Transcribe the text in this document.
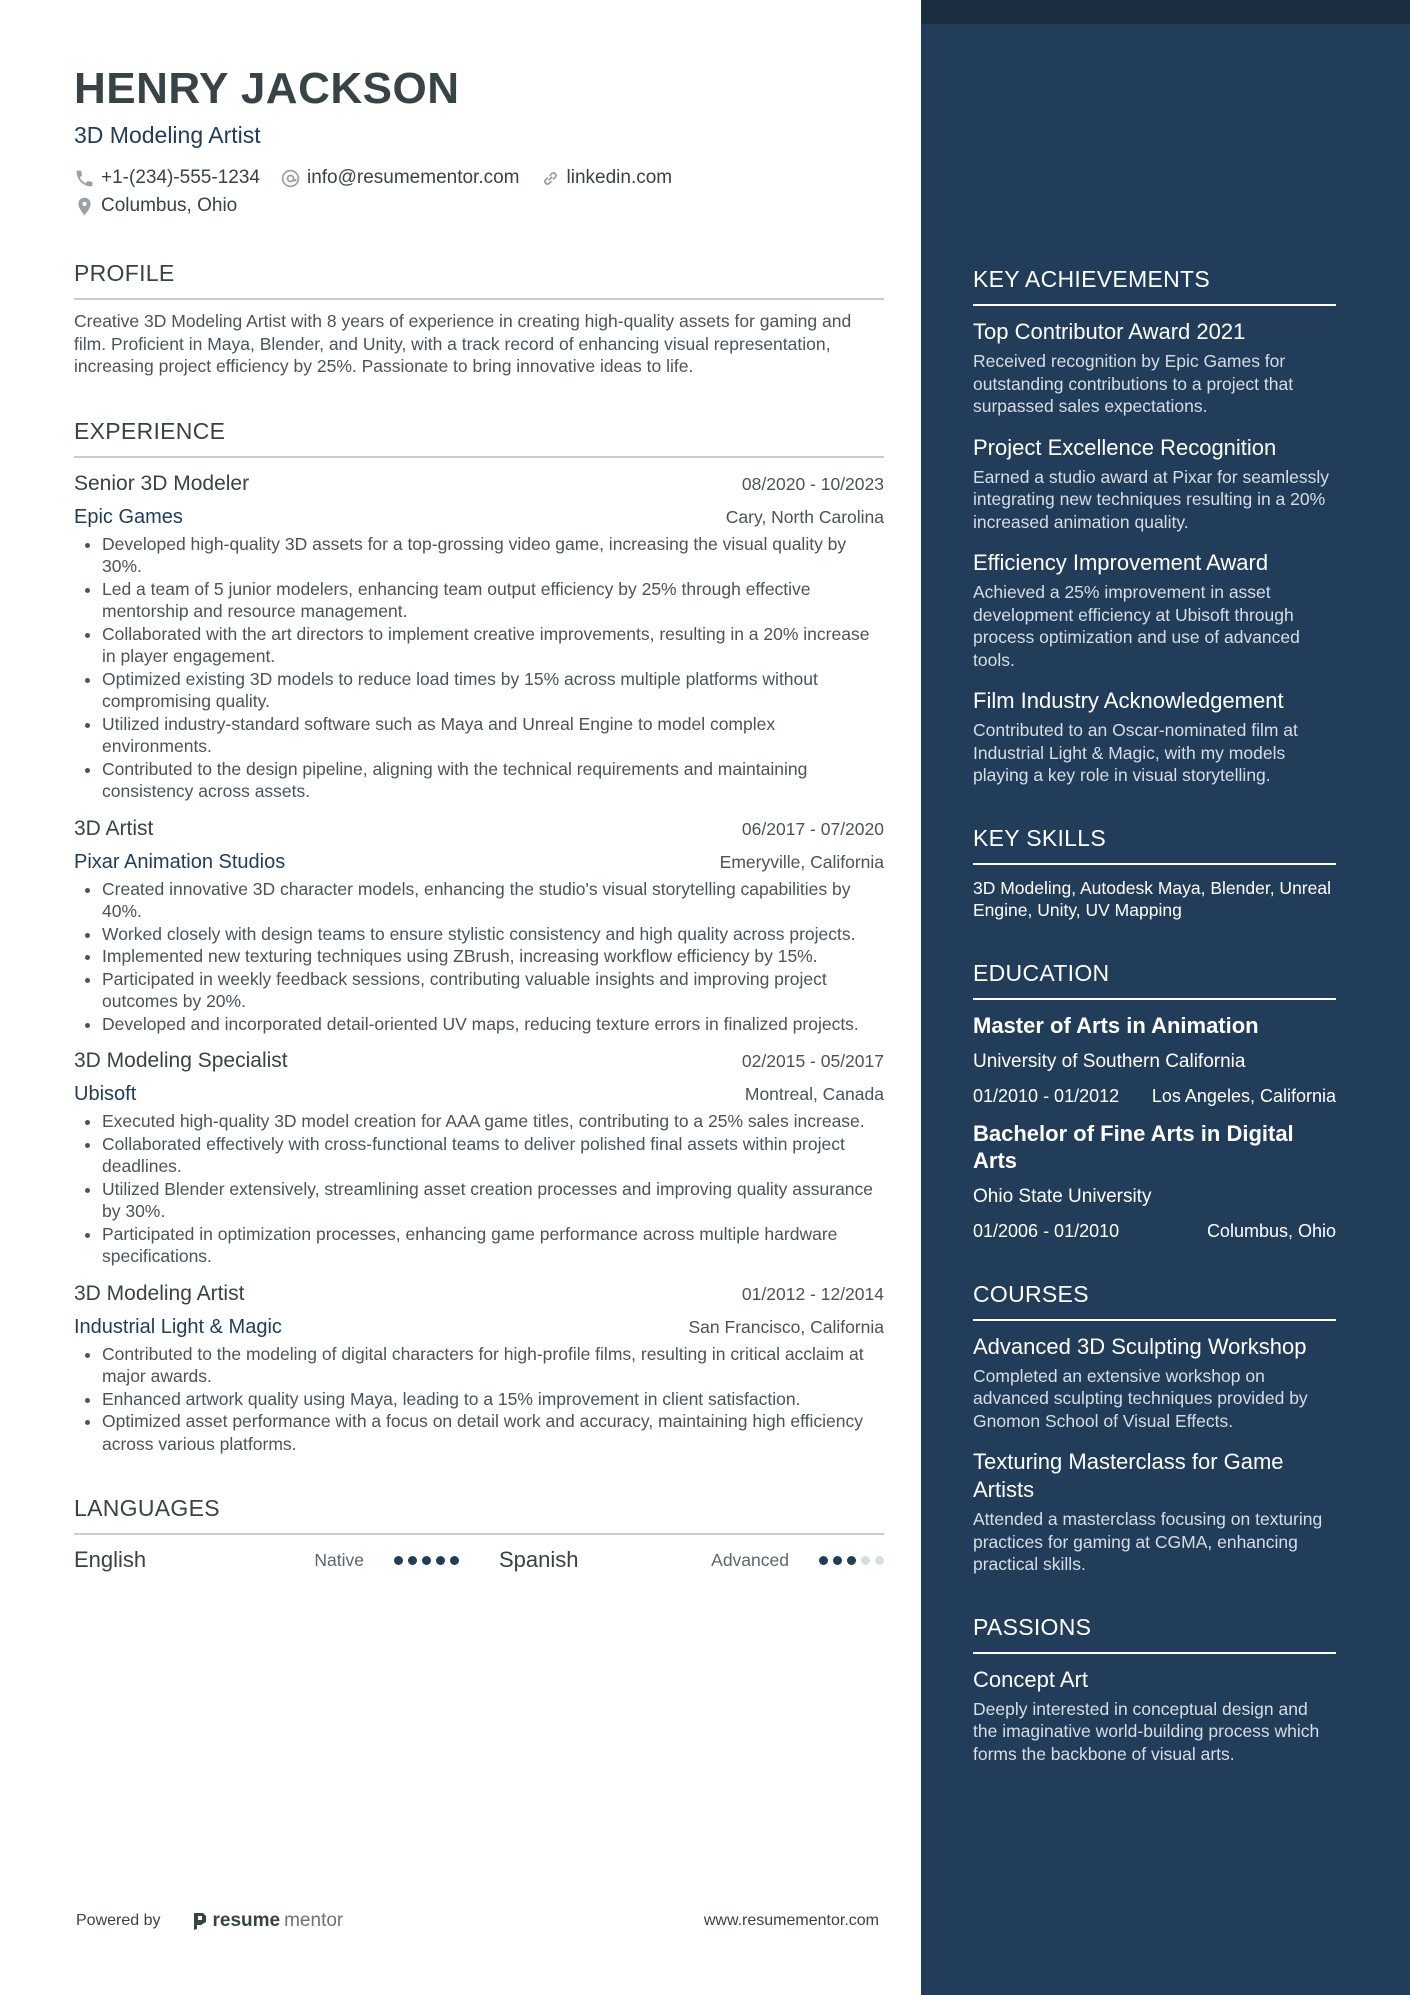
HENRY JACKSON
3D Modeling Artist
+1-(234)-555-1234 info@resumementor.com linkedin.com
Columbus, Ohio
PROFILE
Creative 3D Modeling Artist with 8 years of experience in creating high-quality assets for gaming and film. Proficient in Maya, Blender, and Unity, with a track record of enhancing visual representation, increasing project efficiency by 25%. Passionate to bring innovative ideas to life.
EXPERIENCE
Senior 3D Modeler	08/2020 - 10/2023
Epic Games	Cary, North Carolina
• Developed high-quality 3D assets for a top-grossing video game, increasing the visual quality by 30%.
• Led a team of 5 junior modelers, enhancing team output efficiency by 25% through effective mentorship and resource management.
• Collaborated with the art directors to implement creative improvements, resulting in a 20% increase in player engagement.
• Optimized existing 3D models to reduce load times by 15% across multiple platforms without compromising quality.
• Utilized industry-standard software such as Maya and Unreal Engine to model complex environments.
• Contributed to the design pipeline, aligning with the technical requirements and maintaining consistency across assets.
3D Artist	06/2017 - 07/2020
Pixar Animation Studios	Emeryville, California
• Created innovative 3D character models, enhancing the studio's visual storytelling capabilities by 40%.
• Worked closely with design teams to ensure stylistic consistency and high quality across projects.
• Implemented new texturing techniques using ZBrush, increasing workflow efficiency by 15%.
• Participated in weekly feedback sessions, contributing valuable insights and improving project outcomes by 20%.
• Developed and incorporated detail-oriented UV maps, reducing texture errors in finalized projects.
3D Modeling Specialist	02/2015 - 05/2017
Ubisoft	Montreal, Canada
• Executed high-quality 3D model creation for AAA game titles, contributing to a 25% sales increase.
• Collaborated effectively with cross-functional teams to deliver polished final assets within project deadlines.
• Utilized Blender extensively, streamlining asset creation processes and improving quality assurance by 30%.
• Participated in optimization processes, enhancing game performance across multiple hardware specifications.
3D Modeling Artist	01/2012 - 12/2014
Industrial Light & Magic	San Francisco, California
• Contributed to the modeling of digital characters for high-profile films, resulting in critical acclaim at major awards.
• Enhanced artwork quality using Maya, leading to a 15% improvement in client satisfaction.
• Optimized asset performance with a focus on detail work and accuracy, maintaining high efficiency across various platforms.
LANGUAGES
English	Native	Spanish	Advanced
Powered by	resume mentor	www.resumementor.com
KEY ACHIEVEMENTS
Top Contributor Award 2021
Received recognition by Epic Games for outstanding contributions to a project that surpassed sales expectations.
Project Excellence Recognition
Earned a studio award at Pixar for seamlessly integrating new techniques resulting in a 20% increased animation quality.
Efficiency Improvement Award
Achieved a 25% improvement in asset development efficiency at Ubisoft through process optimization and use of advanced tools.
Film Industry Acknowledgement
Contributed to an Oscar-nominated film at Industrial Light & Magic, with my models playing a key role in visual storytelling.
KEY SKILLS
3D Modeling, Autodesk Maya, Blender, Unreal Engine, Unity, UV Mapping
EDUCATION
Master of Arts in Animation
University of Southern California
01/2010 - 01/2012 Los Angeles, California
Bachelor of Fine Arts in Digital Arts
Ohio State University
01/2006 - 01/2010	Columbus, Ohio
COURSES
Advanced 3D Sculpting Workshop
Completed an extensive workshop on advanced sculpting techniques provided by Gnomon School of Visual Effects.
Texturing Masterclass for Game Artists
Attended a masterclass focusing on texturing practices for gaming at CGMA, enhancing practical skills.
PASSIONS
Concept Art
Deeply interested in conceptual design and the imaginative world-building process which forms the backbone of visual arts.
